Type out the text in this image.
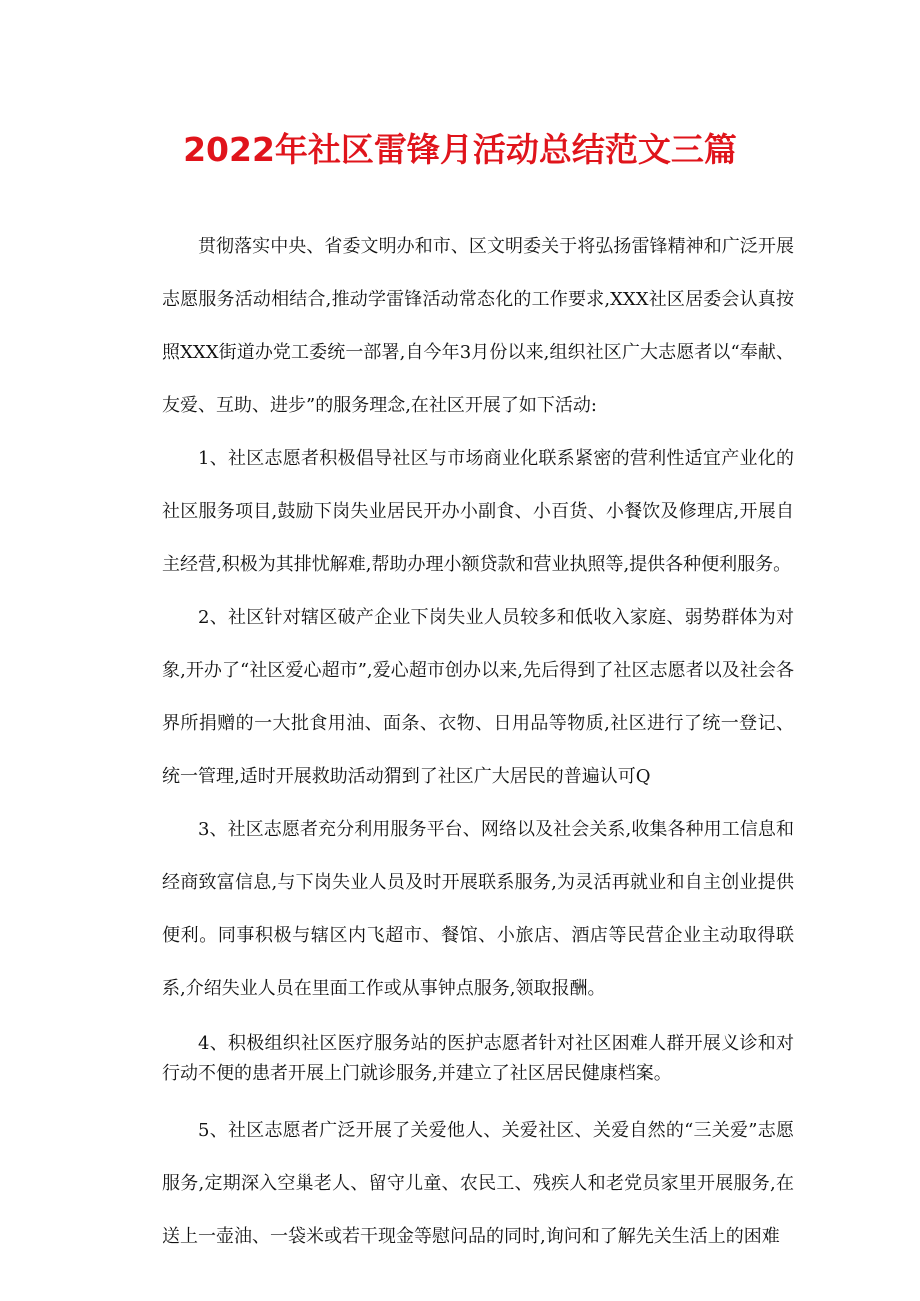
2022年社区雷锋月活动总结范文三篇

贯彻落实中央、省委文明办和市、区文明委关于将弘扬雷锋精神和广泛开展志愿服务活动相结合,推动学雷锋活动常态化的工作要求,XXX社区居委会认真按照XXX街道办党工委统一部署,自今年3月份以来,组织社区广大志愿者以“奉献、友爱、互助、进步”的服务理念,在社区开展了如下活动:

1、社区志愿者积极倡导社区与市场商业化联系紧密的营利性适宜产业化的社区服务项目,鼓励下岗失业居民开办小副食、小百货、小餐饮及修理店,开展自主经营,积极为其排忧解难,帮助办理小额贷款和营业执照等,提供各种便利服务。

2、社区针对辖区破产企业下岗失业人员较多和低收入家庭、弱势群体为对象,开办了“社区爱心超市”,爱心超市创办以来,先后得到了社区志愿者以及社会各界所捐赠的一大批食用油、面条、衣物、日用品等物质,社区进行了统一登记、统一管理,适时开展救助活动猬到了社区广大居民的普遍认可Q

3、社区志愿者充分利用服务平台、网络以及社会关系,收集各种用工信息和经商致富信息,与下岗失业人员及时开展联系服务,为灵活再就业和自主创业提供便利。同事积极与辖区内飞超市、餐馆、小旅店、酒店等民营企业主动取得联系,介绍失业人员在里面工作或从事钟点服务,领取报酬。

4、积极组织社区医疗服务站的医护志愿者针对社区困难人群开展义诊和对行动不便的患者开展上门就诊服务,并建立了社区居民健康档案。

5、社区志愿者广泛开展了关爱他人、关爱社区、关爱自然的“三关爱”志愿服务,定期深入空巢老人、留守儿童、农民工、残疾人和老党员家里开展服务,在送上一壶油、一袋米或若干现金等慰问品的同时,询问和了解先关生活上的困难
